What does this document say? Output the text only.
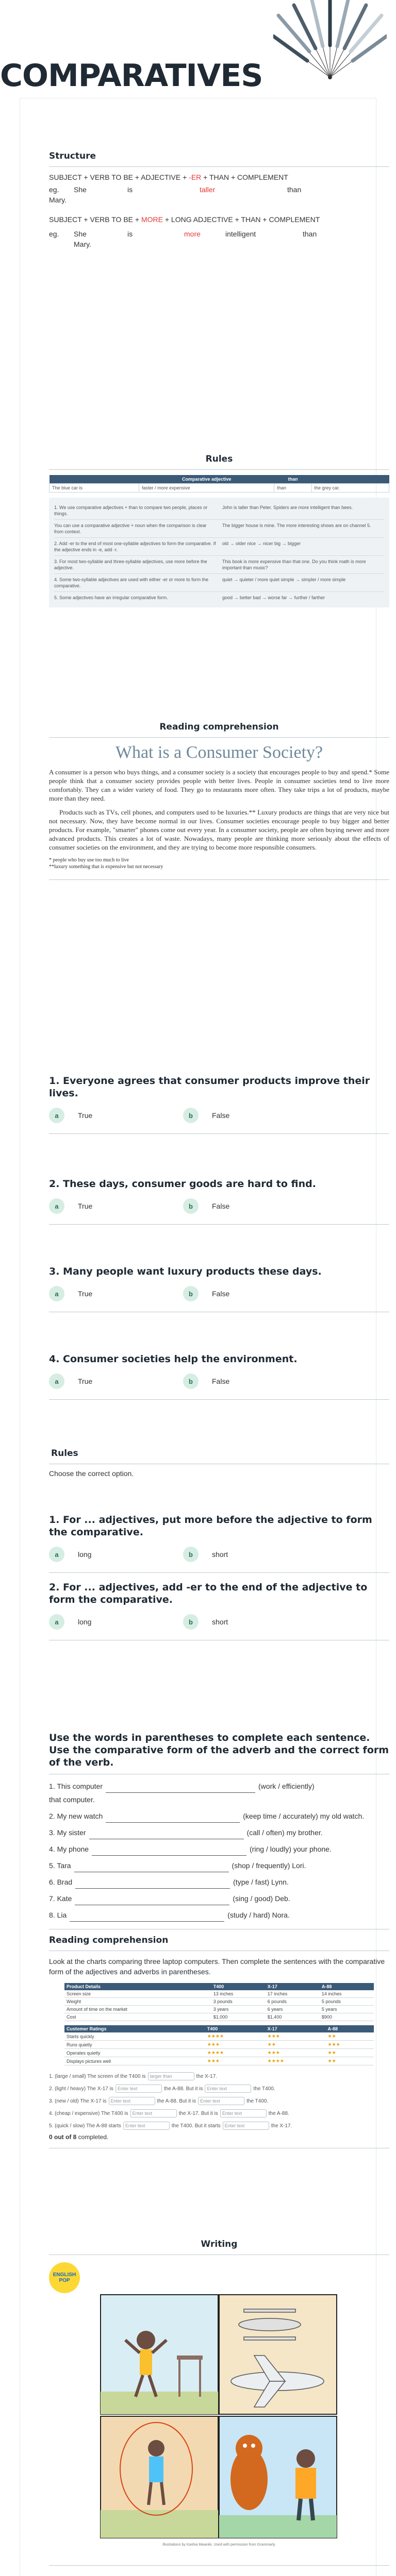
COMPARATIVES
Structure
SUBJECT + VERB TO BE + ADJECTIVE + -ER + THAN + COMPLEMENT
eg.	She	is	taller	than
Mary.
SUBJECT + VERB TO BE + MORE + LONG ADJECTIVE + THAN + COMPLEMENT
eg.	She	is	more	intelligent	than
Mary.
Rules
	Comparative adjective	than	
The blue car is	faster / more expensive	than	the grey car.
1. We use comparative adjectives + than to compare two people, places or things.
John is taller than Peter. Spiders are more intelligent than bees.
You can use a comparative adjective + noun when the comparison is clear from context.
The bigger house is mine. The more interesting shows are on channel 5.
2. Add -er to the end of most one-syllable adjectives to form the comparative. If the adjective ends in -e, add -r.
old → older nice → nicer big → bigger
3. For most two-syllable and three-syllable adjectives, use more before the adjective.
This book is more expensive than that one. Do you think math is more important than music?
4. Some two-syllable adjectives are used with either -er or more to form the comparative.
quiet → quieter / more quiet simple → simpler / more simple
5. Some adjectives have an irregular comparative form.	good → better bad → worse far → further / farther
Reading comprehension
What is a Consumer Society?
A consumer is a person who buys things, and a consumer society is a society that encourages people to buy and spend.* Some people think that a consumer society provides people with better lives. People in consumer societies tend to live more comfortably. They can a wider variety of food. They go to restaurants more often. They take trips a lot of products, maybe more than they need.
Products such as TVs, cell phones, and computers used to be luxuries.** Luxury products are things that are very nice but not necessary. Now, they have become normal in our lives. Consumer societies encourage people to buy bigger and better products. For example, "smarter" phones come out every year. In a consumer society, people are often buying newer and more advanced products. This creates a lot of waste. Nowadays, many people are thinking more seriously about the effects of consumer societies on the environment, and they are trying to become more responsible consumers.
* people who buy use too much to live
**luxury something that is expensive but not necessary
1. Everyone agrees that consumer products improve their lives.
a	True	b	False
2. These days, consumer goods are hard to find.
a	True	b	False
3. Many people want luxury products these days.
a	True	b	False
4. Consumer societies help the environment.
a	True	b	False
Rules
Choose the correct option.
1. For ... adjectives, put more before the adjective to form the comparative.
a	long	b	short
2. For ... adjectives, add -er to the end of the adjective to form the comparative.
a	long	b	short
Use the words in parentheses to complete each sentence. Use the comparative form of the adverb and the correct form of the verb.
1. This computer	(work / efficiently)
that computer.
2. My new watch	(keep time / accurately) my old watch.
3. My sister	(call / often) my brother.
4. My phone	(ring / loudly) your phone.
5. Tara	(shop / frequently) Lori.
6. Brad	(type / fast) Lynn.
7. Kate	(sing / good) Deb.
8. Lia	(study / hard) Nora.
Reading comprehension
Look at the charts comparing three laptop computers. Then complete the sentences with the comparative form of the adjectives and adverbs in parentheses.
Product Details	T400	X-17	A-88
Screen size	13 inches	17 inches	14 inches
Weight	3 pounds	6 pounds	5 pounds
Amount of time on the market	3 years	6 years	5 years
Cost	$1,000	$1,400	$900
Customer Ratings	T400	X-17	A-88
Starts quickly	★★★★	★★★	★★
Runs quietly	★★★	★★	★★★
Operates quietly	★★★★	★★★	★★
Displays pictures well	★★★	★★★★	★★
1. (large / small) The screen of the T400 is larger than	the X-17.
2. (light / heavy) The X-17 is Enter text	the A-88. But it is Enter text	the T400.
3. (new / old) The X-17 is Enter text	the A-88. But it is Enter text	the T400.
4. (cheap / expensive) The T400 is Enter text	the X-17. But it is Enter text	the A-88.
5. (quick / slow) The A-88 starts Enter text	the T400. But it starts Enter text	the X-17.
0 out of 8 completed.
Writing
ENGLISH POP
Illustrations by Kashia Mwaniki. Used with permission from Grammarly.
